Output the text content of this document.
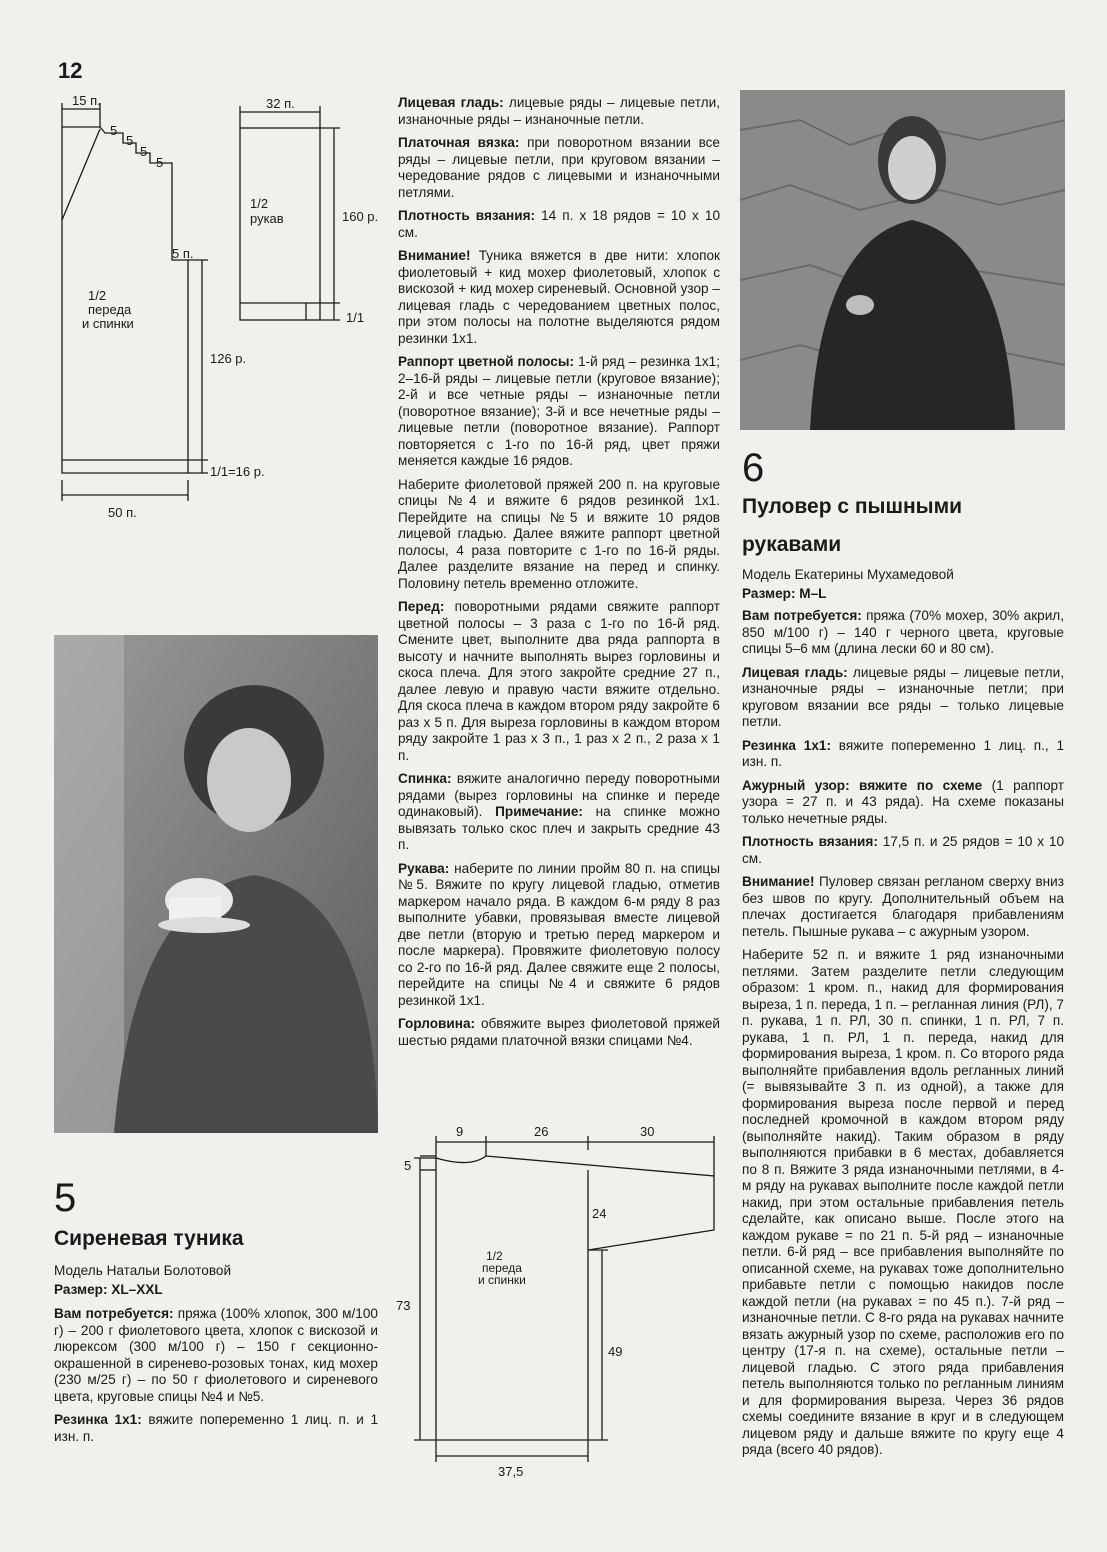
12
15 п.
5
5
5
5
5 п.
1/2
переда
и спинки
126 р.
1/1=16 р.
50 п.
32 п.
1/2
рукав	160 р.
1/1
9	26	30
5
24
1/2
переда
и спинки
73
49
37,5

Лицевая гладь: лицевые ряды – лицевые петли, изнаночные ряды – изнаночные петли.

Платочная вязка: при поворотном вязании все ряды – лицевые петли, при круговом вязании – чередование рядов с лицевыми и изнаночными петлями.

Плотность вязания: 14 п. х 18 рядов = 10 х 10 см.

Внимание! Туника вяжется в две нити: хлопок фиолетовый + кид мохер фиолетовый, хлопок с вискозой + кид мохер сиреневый. Основной узор – лицевая гладь с чередованием цветных полос, при этом полосы на полотне выделяются рядом резинки 1х1.

Раппорт цветной полосы: 1-й ряд – резинка 1х1; 2–16-й ряды – лицевые петли (круговое вязание); 2-й и все четные ряды – изнаночные петли (поворотное вязание); 3-й и все нечетные ряды – лицевые петли (поворотное вязание). Раппорт повторяется с 1-го по 16-й ряд, цвет пряжи меняется каждые 16 рядов.

Наберите фиолетовой пряжей 200 п. на круговые спицы №4 и вяжите 6 рядов резинкой 1х1. Перейдите на спицы №5 и вяжите 10 рядов лицевой гладью. Далее вяжите раппорт цветной полосы, 4 раза повторите с 1-го по 16-й ряды. Далее разделите вязание на перед и спинку. Половину петель временно отложите.

Перед: поворотными рядами свяжите раппорт цветной полосы – 3 раза с 1-го по 16-й ряд. Смените цвет, выполните два ряда раппорта в высоту и начните выполнять вырез горловины и скоса плеча. Для этого закройте средние 27 п., далее левую и правую части вяжите отдельно. Для скоса плеча в каждом втором ряду закройте 6 раз х 5 п. Для выреза горловины в каждом втором ряду закройте 1 раз х 3 п., 1 раз х 2 п., 2 раза х 1 п.

Спинка: вяжите аналогично переду поворотными рядами (вырез горловины на спинке и переде одинаковый). Примечание: на спинке можно вывязать только скос плеч и закрыть средние 43 п.

Рукава: наберите по линии пройм 80 п. на спицы №5. Вяжите по кругу лицевой гладью, отметив маркером начало ряда. В каждом 6-м ряду 8 раз выполните убавки, провязывая вместе лицевой две петли (вторую и третью перед маркером и после маркера). Провяжите фиолетовую полосу со 2-го по 16-й ряд. Далее свяжите еще 2 полосы, перейдите на спицы №4 и свяжите 6 рядов резинкой 1х1.

Горловина: обвяжите вырез фиолетовой пряжей шестью рядами платочной вязки спицами №4.

5
Сиреневая туника
Модель Натальи Болотовой
Размер: XL–XXL

Вам потребуется: пряжа (100% хлопок, 300 м/100 г) – 200 г фиолетового цвета, хлопок с вискозой и люрексом (300 м/100 г) – 150 г секционно-окрашенной в сиренево-розовых тонах, кид мохер (230 м/25 г) – по 50 г фиолетового и сиреневого цвета, круговые спицы №4 и №5.

Резинка 1х1: вяжите попеременно 1 лиц. п. и 1 изн. п.

6
Пуловер с пышными
рукавами
Модель Екатерины Мухамедовой
Размер: M–L

Вам потребуется: пряжа (70% мохер, 30% акрил, 850 м/100 г) – 140 г черного цвета, круговые спицы 5–6 мм (длина лески 60 и 80 см).

Лицевая гладь: лицевые ряды – лицевые петли, изнаночные ряды – изнаночные петли; при круговом вязании все ряды – только лицевые петли.

Резинка 1х1: вяжите попеременно 1 лиц. п., 1 изн. п.

Ажурный узор: вяжите по схеме (1 раппорт узора = 27 п. и 43 ряда). На схеме показаны только нечетные ряды.

Плотность вязания: 17,5 п. и 25 рядов = 10 х 10 см.

Внимание! Пуловер связан регланом сверху вниз без швов по кругу. Дополнительный объем на плечах достигается благодаря прибавлениям петель. Пышные рукава – с ажурным узором.

Наберите 52 п. и вяжите 1 ряд изнаночными петлями. Затем разделите петли следующим образом: 1 кром. п., накид для формирования выреза, 1 п. переда, 1 п. – регланная линия (РЛ), 7 п. рукава, 1 п. РЛ, 30 п. спинки, 1 п. РЛ, 7 п. рукава, 1 п. РЛ, 1 п. переда, накид для формирования выреза, 1 кром. п. Со второго ряда выполняйте прибавления вдоль регланных линий (= вывязывайте 3 п. из одной), а также для формирования выреза после первой и перед последней кромочной в каждом втором ряду (выполняйте накид). Таким образом в ряду выполняются прибавки в 6 местах, добавляется по 8 п. Вяжите 3 ряда изнаночными петлями, в 4-м ряду на рукавах выполните после каждой петли накид, при этом остальные прибавления петель сделайте, как описано выше. После этого на каждом рукаве = по 21 п. 5-й ряд – изнаночные петли. 6-й ряд – все прибавления выполняйте по описанной схеме, на рукавах тоже дополнительно прибавьте петли с помощью накидов после каждой петли (на рукавах = по 45 п.). 7-й ряд – изнаночные петли. С 8-го ряда на рукавах начните вязать ажурный узор по схеме, расположив его по центру (17-я п. на схеме), остальные петли – лицевой гладью. С этого ряда прибавления петель выполняются только по регланным линиям и для формирования выреза. Через 36 рядов схемы соедините вязание в круг и в следующем лицевом ряду и дальше вяжите по кругу еще 4 ряда (всего 40 рядов).
